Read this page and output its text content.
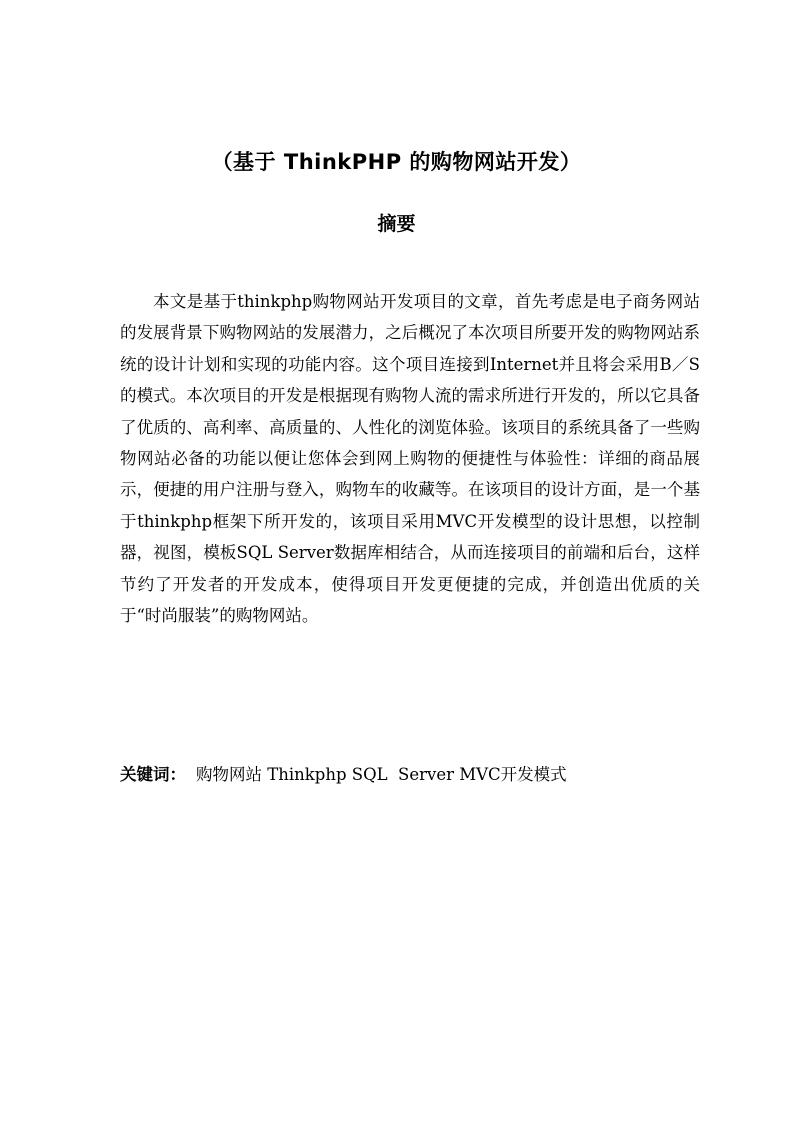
（基于 ThinkPHP 的购物网站开发）
摘要

本文是基于thinkphp购物网站开发项目的文章，首先考虑是电子商务网站的发展背景下购物网站的发展潜力，之后概况了本次项目所要开发的购物网站系统的设计计划和实现的功能内容。这个项目连接到Internet并且将会采用B／S的模式。本次项目的开发是根据现有购物人流的需求所进行开发的，所以它具备了优质的、高利率、高质量的、人性化的浏览体验。该项目的系统具备了一些购物网站必备的功能以便让您体会到网上购物的便捷性与体验性：详细的商品展示，便捷的用户注册与登入，购物车的收藏等。在该项目的设计方面，是一个基于thinkphp框架下所开发的，该项目采用MVC开发模型的设计思想，以控制器，视图，模板SQL Server数据库相结合，从而连接项目的前端和后台，这样节约了开发者的开发成本，使得项目开发更便捷的完成，并创造出优质的关于“时尚服装”的购物网站。

关键词： 购物网站 Thinkphp SQL  Server MVC开发模式
